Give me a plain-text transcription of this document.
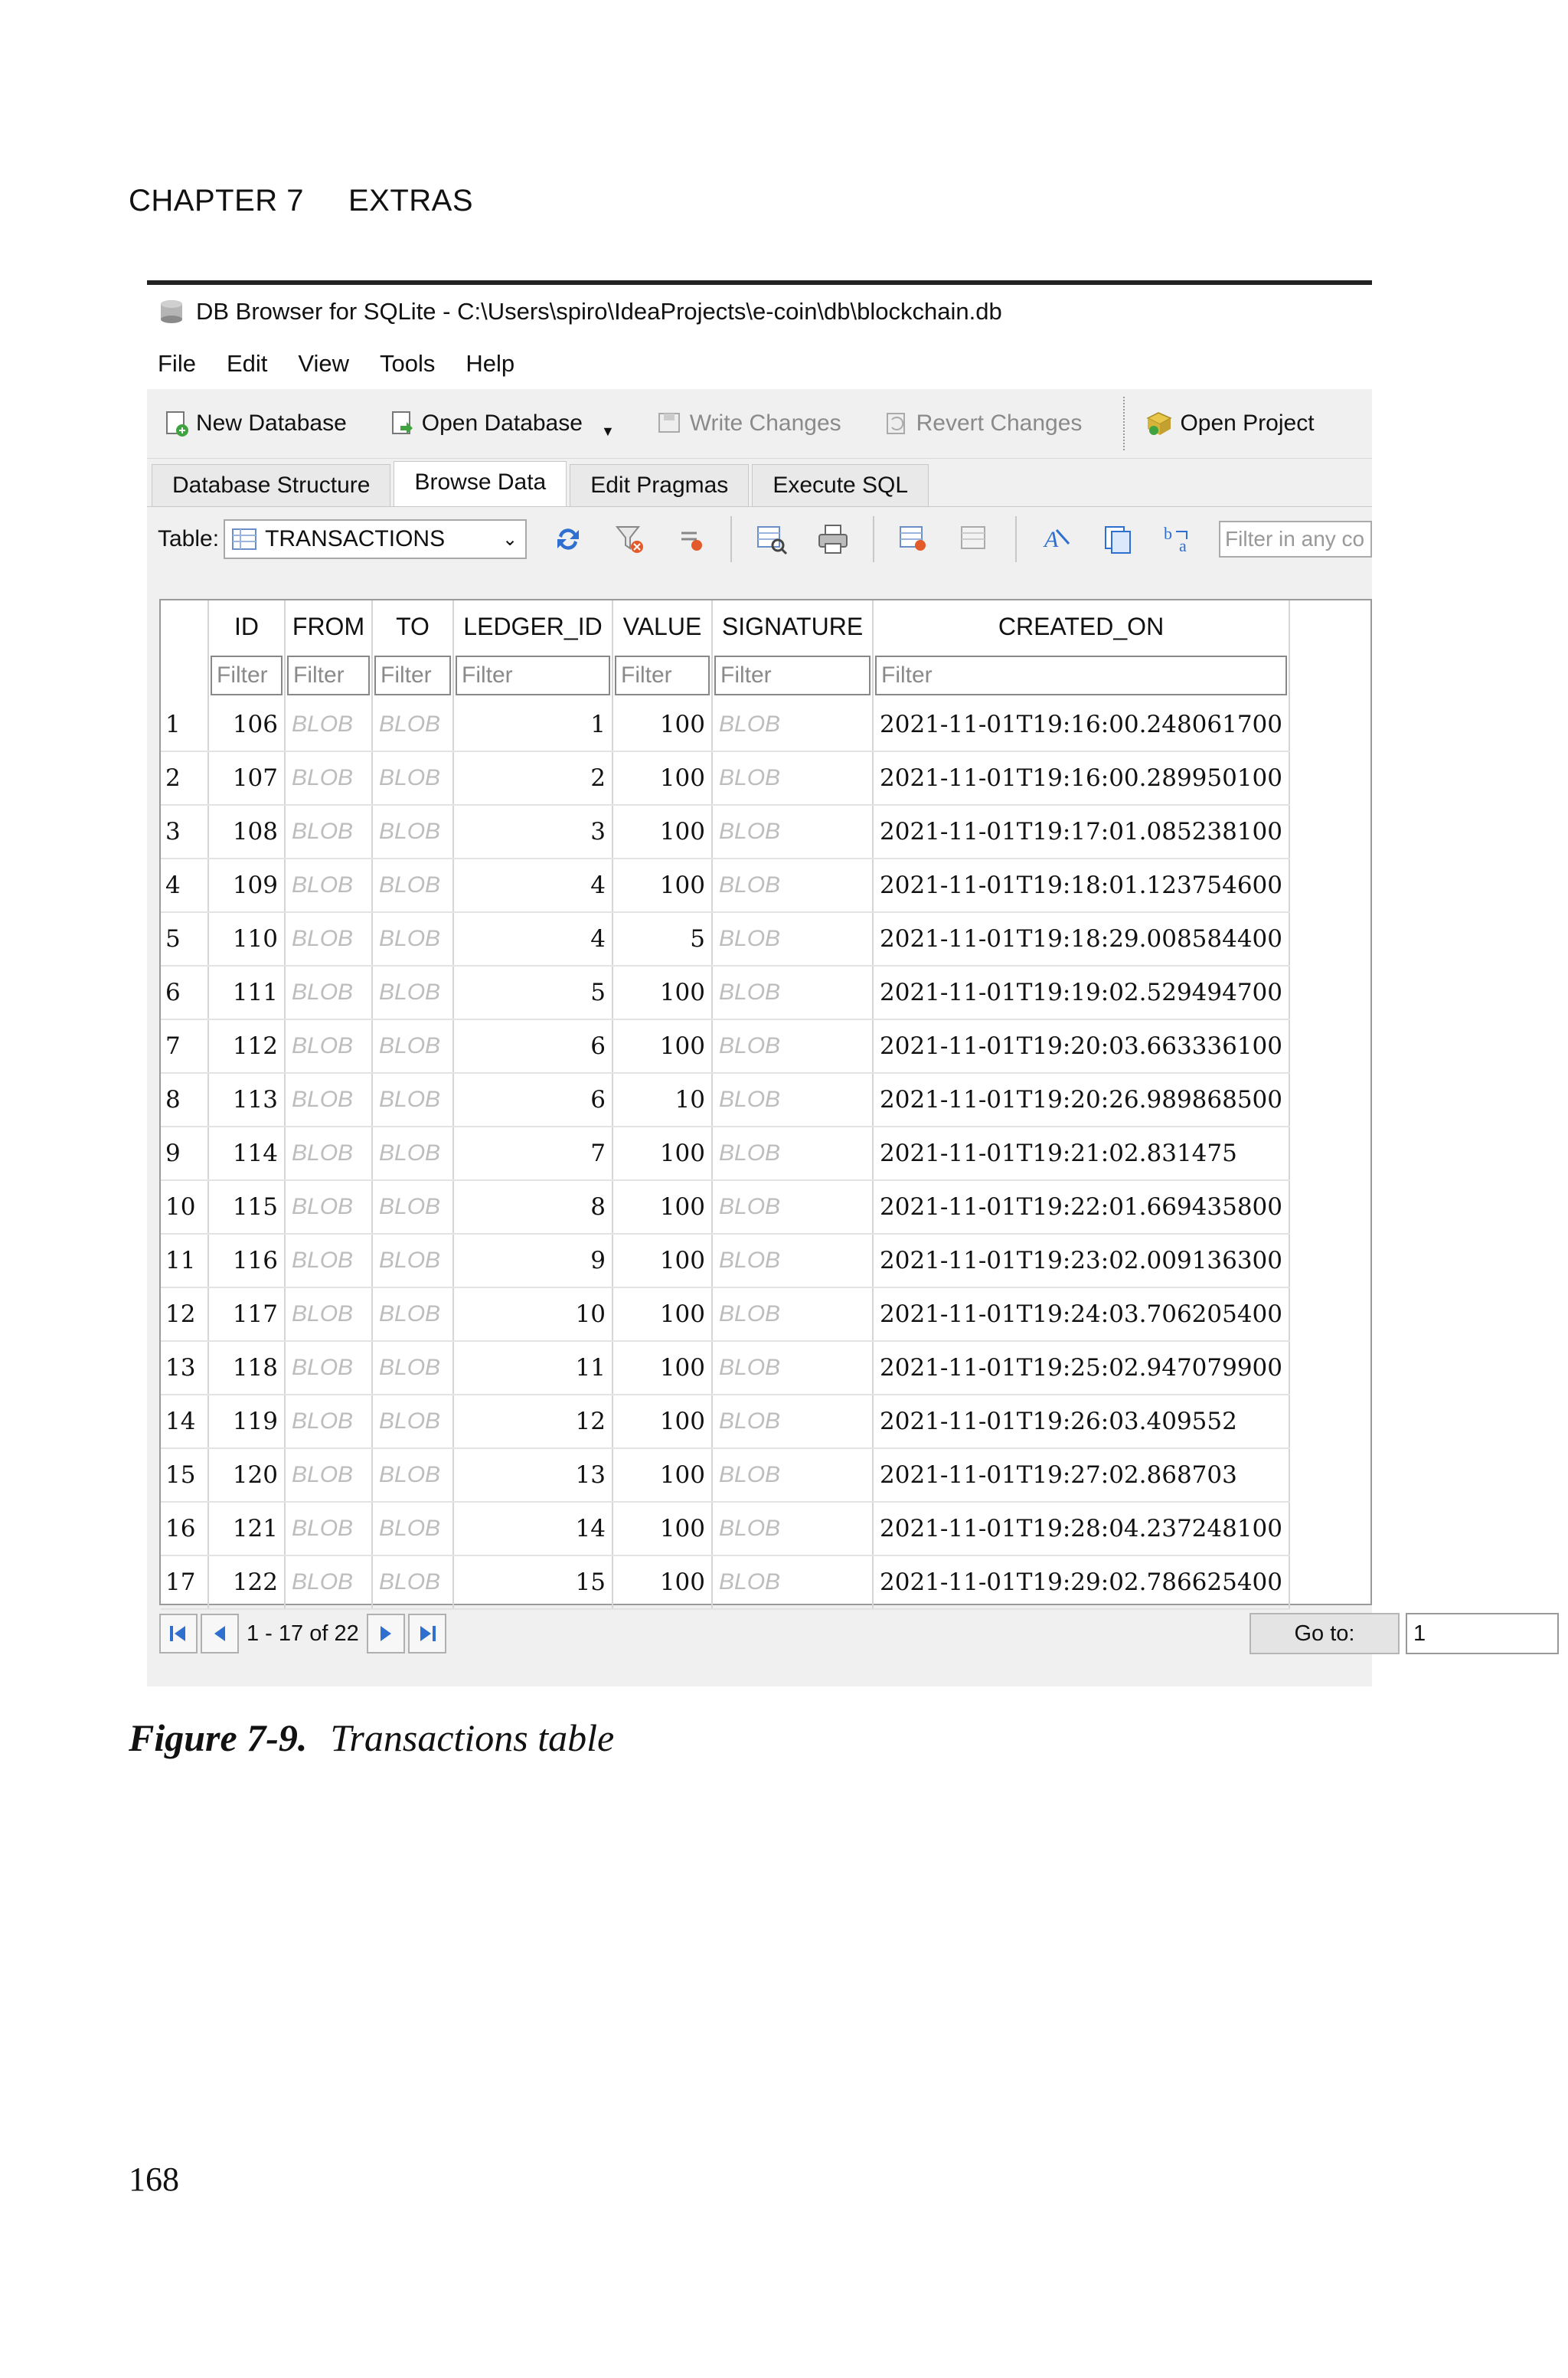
CHAPTER 7 EXTRAS
DB Browser for SQLite - C:\Users\spiro\IdeaProjects\e-coin\db\blockchain.db
File Edit View Tools Help
New Database	Open Database ▼	Write Changes	Revert Changes	Open Project
Database Structure	Browse Data	Edit Pragmas	Execute SQL
Table: TRANSACTIONS	⌄	A	b
a Filter in any co
	ID	FROM	TO	LEDGER_ID	VALUE	SIGNATURE	CREATED_ON

Filter	Filter	Filter	Filter	Filter	Filter	Filter

1	106	BLOB	BLOB	1	100	BLOB	2021-11-01T19:16:00.248061700
2	107	BLOB	BLOB	2	100	BLOB	2021-11-01T19:16:00.289950100
3	108	BLOB	BLOB	3	100	BLOB	2021-11-01T19:17:01.085238100
4	109	BLOB	BLOB	4	100	BLOB	2021-11-01T19:18:01.123754600
5	110	BLOB	BLOB	4	5	BLOB	2021-11-01T19:18:29.008584400
6	111	BLOB	BLOB	5	100	BLOB	2021-11-01T19:19:02.529494700
7	112	BLOB	BLOB	6	100	BLOB	2021-11-01T19:20:03.663336100
8	113	BLOB	BLOB	6	10	BLOB	2021-11-01T19:20:26.989868500
9	114	BLOB	BLOB	7	100	BLOB	2021-11-01T19:21:02.831475
10	115	BLOB	BLOB	8	100	BLOB	2021-11-01T19:22:01.669435800
11	116	BLOB	BLOB	9	100	BLOB	2021-11-01T19:23:02.009136300
12	117	BLOB	BLOB	10	100	BLOB	2021-11-01T19:24:03.706205400
13	118	BLOB	BLOB	11	100	BLOB	2021-11-01T19:25:02.947079900
14	119	BLOB	BLOB	12	100	BLOB	2021-11-01T19:26:03.409552
15	120	BLOB	BLOB	13	100	BLOB	2021-11-01T19:27:02.868703
16	121	BLOB	BLOB	14	100	BLOB	2021-11-01T19:28:04.237248100
17	122	BLOB	BLOB	15	100	BLOB	2021-11-01T19:29:02.786625400
1 - 17 of 22	Go to:	1
Figure 7-9. Transactions table
168
